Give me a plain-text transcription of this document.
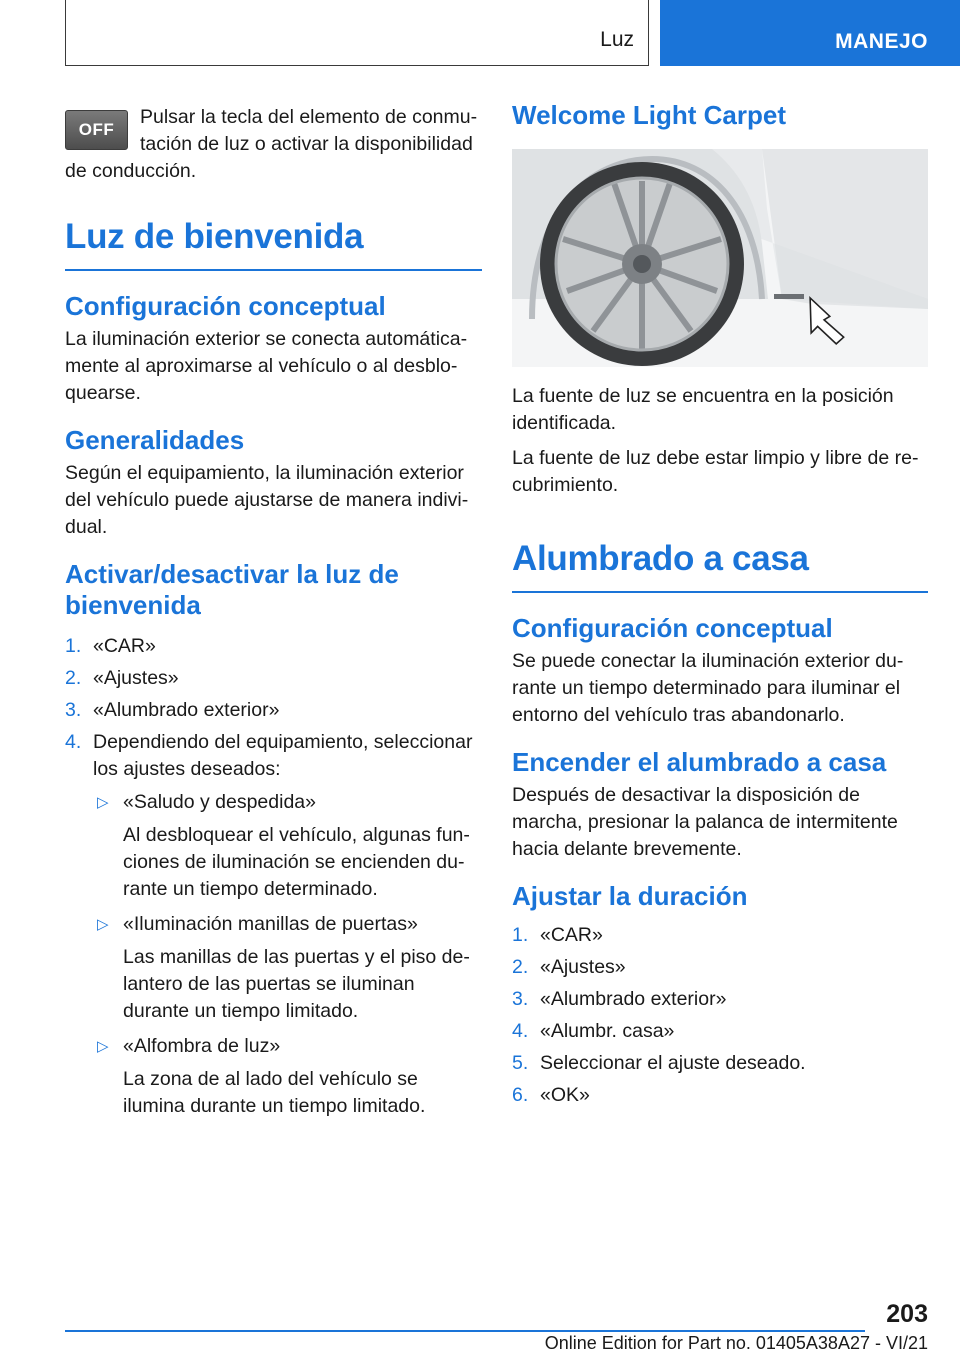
Luz	MANEJO
OFF

Pulsar la tecla del elemento de conmutación de luz o activar la disponibilidad de conducción.

Luz de bienvenida
Configuración conceptual

La iluminación exterior se conecta automáticamente al aproximarse al vehículo o al desbloquearse.

Generalidades

Según el equipamiento, la iluminación exterior del vehículo puede ajustarse de manera individual.

Activar/desactivar la luz de bienvenida
1. «CAR»
2. «Ajustes»
3. «Alumbrado exterior»
4. Dependiendo del equipamiento, seleccionar los ajustes deseados:
▷ «Saludo y despedida»
Al desbloquear el vehículo, algunas funciones de iluminación se encienden durante un tiempo determinado.
▷ «Iluminación manillas de puertas»
Las manillas de las puertas y el piso delantero de las puertas se iluminan durante un tiempo limitado.
▷ «Alfombra de luz»
La zona de al lado del vehículo se ilumina durante un tiempo limitado.
Welcome Light Carpet

La fuente de luz se encuentra en la posición identificada.

La fuente de luz debe estar limpio y libre de recubrimiento.

Alumbrado a casa
Configuración conceptual

Se puede conectar la iluminación exterior durante un tiempo determinado para iluminar el entorno del vehículo tras abandonarlo.

Encender el alumbrado a casa

Después de desactivar la disposición de marcha, presionar la palanca de intermitente hacia delante brevemente.

Ajustar la duración
1. «CAR»
2. «Ajustes»
3. «Alumbrado exterior»
4. «Alumbr. casa»
5. Seleccionar el ajuste deseado.
6. «OK»
203
Online Edition for Part no. 01405A38A27 - VI/21
